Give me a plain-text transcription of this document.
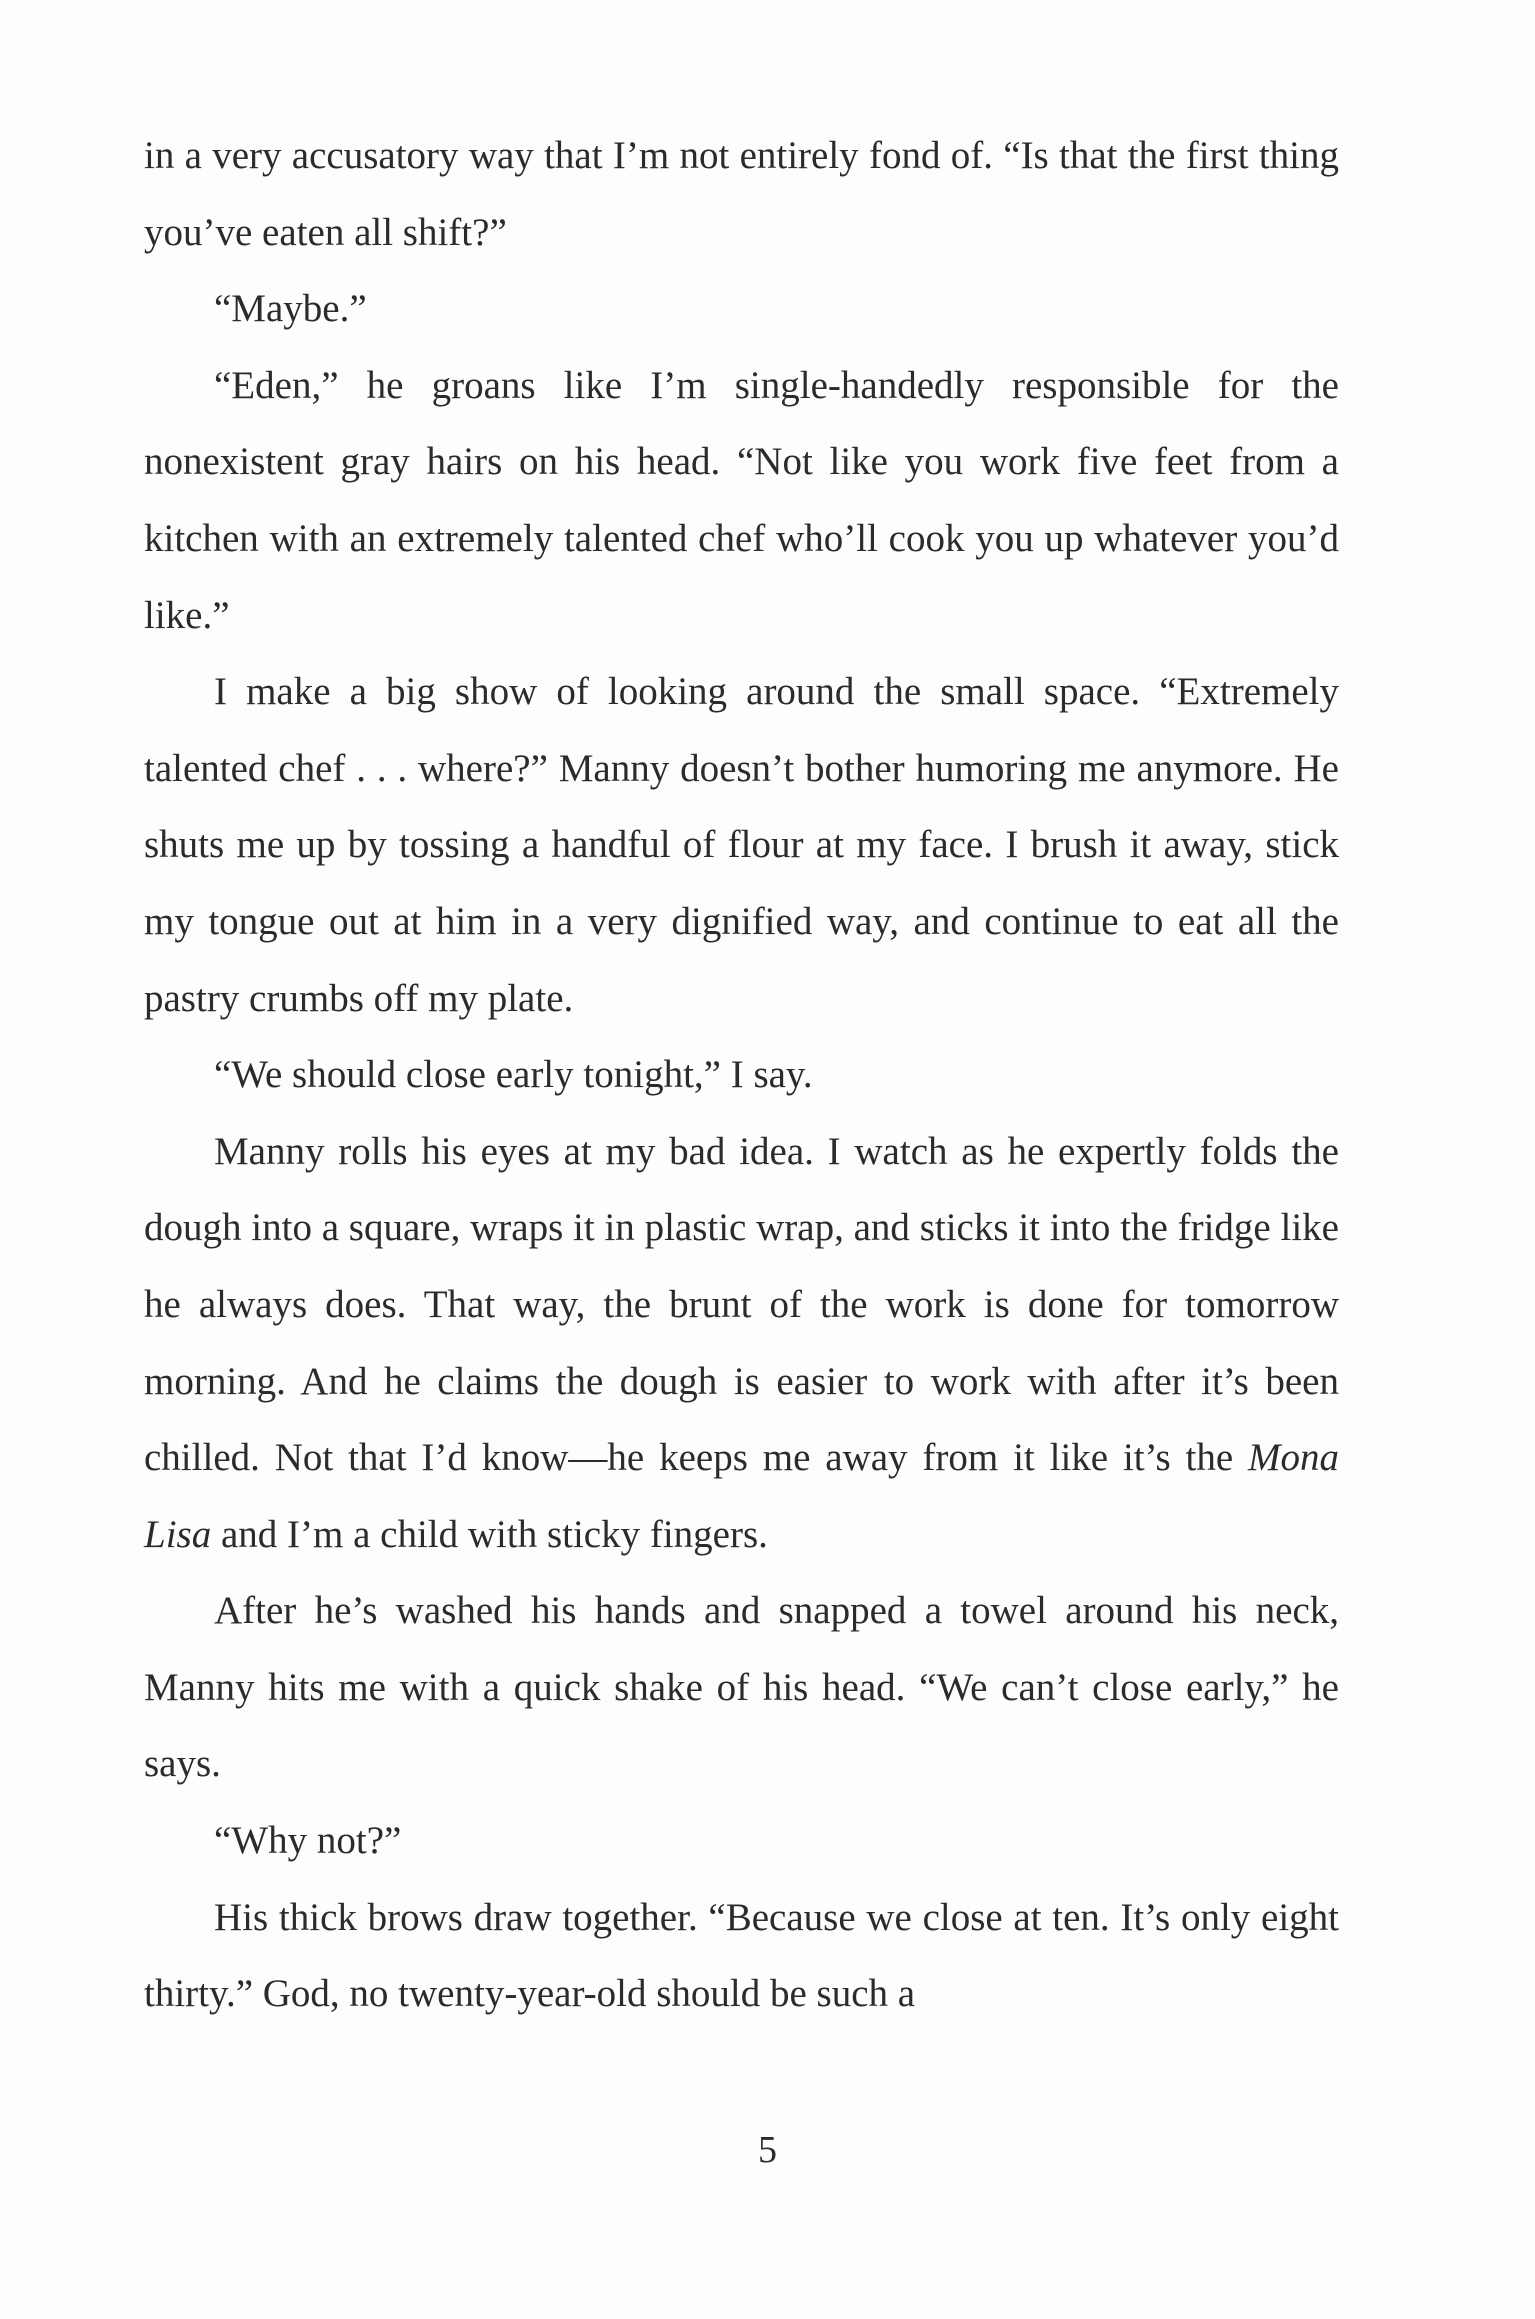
in a very accusatory way that I’m not entirely fond of. “Is that the first thing you’ve eaten all shift?”

“Maybe.”

“Eden,” he groans like I’m single-handedly responsible for the nonexistent gray hairs on his head. “Not like you work five feet from a kitchen with an extremely talented chef who’ll cook you up whatever you’d like.”

I make a big show of looking around the small space. “Extremely talented chef . . . where?” Manny doesn’t bother humoring me anymore. He shuts me up by tossing a handful of flour at my face. I brush it away, stick my tongue out at him in a very dignified way, and continue to eat all the pastry crumbs off my plate.

“We should close early tonight,” I say.

Manny rolls his eyes at my bad idea. I watch as he expertly folds the dough into a square, wraps it in plastic wrap, and sticks it into the fridge like he always does. That way, the brunt of the work is done for tomorrow morning. And he claims the dough is easier to work with after it’s been chilled. Not that I’d know—he keeps me away from it like it’s the Mona Lisa and I’m a child with sticky fingers.

After he’s washed his hands and snapped a towel around his neck, Manny hits me with a quick shake of his head. “We can’t close early,” he says.

“Why not?”

His thick brows draw together. “Because we close at ten. It’s only eight thirty.” God, no twenty-year-old should be such a

5
